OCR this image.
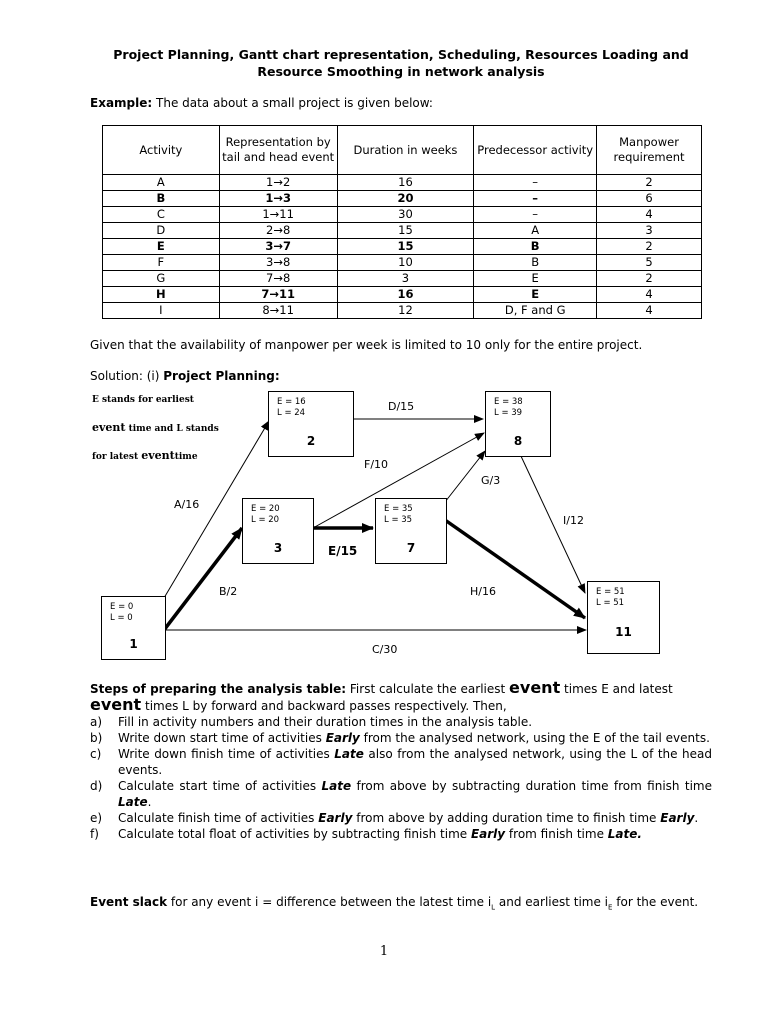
Project Planning, Gantt chart representation, Scheduling, Resources Loading and
Resource Smoothing in network analysis
Example: The data about a small project is given below:
Activity	Representation by tail and head event	Duration in weeks	Predecessor activity	Manpower requirement
A	1→2	16	–	2
B	1→3	20	–	6
C	1→11	30	–	4
D	2→8	15	A	3
E	3→7	15	B	2
F	3→8	10	B	5
G	7→8	3	E	2
H	7→11	16	E	4
I	8→11	12	D, F and G	4
Given that the availability of manpower per week is limited to 10 only for the entire project.
Solution: (i) Project Planning:
E stands for earliest
event time and L stands
for latest eventtime
E = 0
L = 0
1
E = 16
L = 24
2
E = 20
L = 20
3
E = 35
L = 35
7
E = 38
L = 39
8
E = 51
L = 51
11
A/16
B/2
C/30
D/15
E/15
F/10
G/3
H/16
I/12
Steps of preparing the analysis table: First calculate the earliest event times E and latest
event times L by forward and backward passes respectively. Then,
a) Fill in activity numbers and their duration times in the analysis table.
b) Write down start time of activities Early from the analysed network, using the E of the tail events.
c) Write down finish time of activities Late also from the analysed network, using the L of the head events.
d) Calculate start time of activities Late from above by subtracting duration time from finish time Late.
e) Calculate finish time of activities Early from above by adding duration time to finish time Early.
f) Calculate total float of activities by subtracting finish time Early from finish time Late.
Event slack for any event i = difference between the latest time $i_L$ and earliest time $i_E$ for the event.
1
